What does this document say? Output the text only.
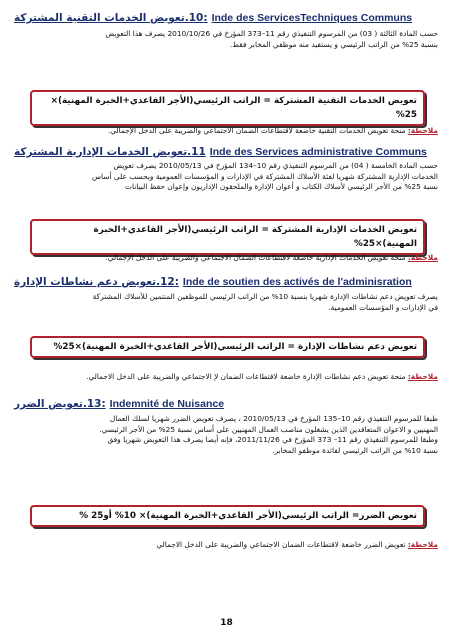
:10.تعويض الخدمات التقنية المشتركة Inde des ServicesTechniques Communs

حسب المادة الثالثة ( 03) من المرسوم التنفيذي رقم 11–373 المؤرخ في 2010/10/26 يصرف هذا التعويض

بنسبة 25% من الراتب الرئيسي و يستفيد منه موظفي المخابر فقط.

تعويض الخدمات التقنية المشتركة = الراتب الرئيسي(الأجر القاعدي+الخبرة المهنية)× 25%
ملاحظة: منحة تعويض الخدمات التقنية خاضعة لاقتطاعات الضمان الاجتماعي والضريبة على الدخل الإجمالي.
11.تعويض الخدمات الإدارية المشتركة Inde des Services administrative Communs

حسب المادة الخامسة ( 04) من المرسوم التنفيذي رقم 10–134 المؤرخ في 2010/05/13 يصرف تعويض

الخدمات الإدارية المشتركة شهريا لفئة الأسلاك المشتركة في الإدارات و المؤسسات العمومية ويحسب على أساس

نسبة 25% من الأجر الرئيسي لأسلاك الكتاب و أعوان الإدارة والملحقون الإداريون وإعوان حفظ البيانات

تعويض الخدمات الإدارية المشتركة = الراتب الرئيسي(الأجر القاعدي+الخبرة المهنية)×25%
ملاحظة: منحة تعويض الخدمات الإدارية خاضعة لاقتطاعات الضمان الاجتماعي والضريبة على الدخل الإجمالي.
:12.تعويض دعم نشاطات الإدارة Inde de soutien des activés de l'adminisration

يصرف تعويض دعم نشاطات الإدارة شهريا بنسبة 10% من الراتب الرئيسي للموظفين المنتمين للأسلاك المشتركة

في الإدارات و المؤسسات العمومية.

تعويض دعم نشاطات الإدارة = الراتب الرئيسي(الأجر القاعدي+الخبرة المهنية)×25%
ملاحظة: منحة تعويض دعم نشاطات الإدارة خاضعة لاقتطاعات الضمان ﻹ الاجتماعي والضريبة على الدخل الاجمالي.
:13.تعويض الضرر Indemnité de Nuisance

طبقا للمرسوم التنفيذي رقم 10–135 المؤرخ في 2010/05/13 ، يصرف تعويض الضرر شهريا لسلك العمال

المهنيين و الاعوان المتعاقدين الذين يشغلون مناصب العمال المهنيين على أساس نسبة 25% من الأجر الرئيسي.

وطبقا للمرسوم التنفيذي رقم 11– 373 المؤرخ في 2011/11/26، فإنه أيضا يصرف هذا التعويض شهريا وفق

نسبة 10% من الراتب الرئيسي لفائدة موظفو المخابر.

تعويض الضرر= الراتب الرئيسي(الأجر القاعدي+الخبرة المهنية)× 10% أو25 %
ملاحظة: تعويض الضرر خاضعة لاقتطاعات الضمان الاجتماعي والضريبة على الدخل الاجمالي
18
